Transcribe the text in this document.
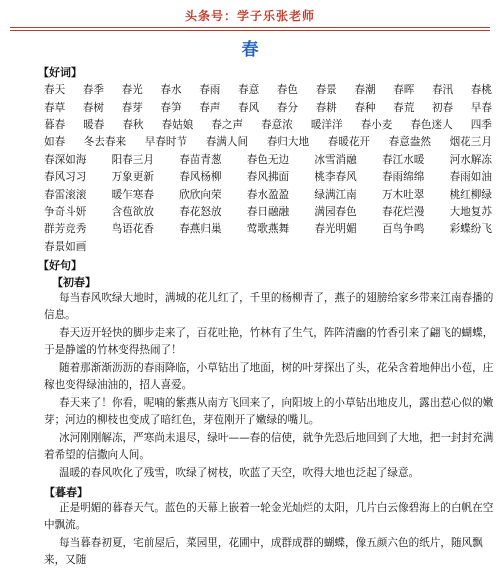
头条号：学子乐张老师
春
【好词】
春天 春季 春光 春水 春雨 春意 春色 春景 春潮 春晖 春汛 春桃
春草 春树 春芽 春笋 春声 春风 春分 春耕 春种 春荒 初春 早春
暮春 暖春 春秋 春姑娘 春之声 春意浓 暖洋洋 春小麦 春色迷人 四季
如春 冬去春来 早春时节 春满人间 春归大地 春暖花开 春意盎然 烟花三月
春深如海 阳春三月 春苗青葱 春色无边 冰雪消融 春江水暖 河水解冻
春风习习 万象更新 春风杨柳 春风拂面 桃李春风 春雨绵绵 春雨如油
春雷滚滚 暖乍寒春 欣欣向荣 春水盈盈 绿满江南 万木吐翠 桃红柳绿
争奇斗妍 含苞欲放 春花怒放 春日融融 满园春色 春花烂漫 大地复苏
群芳竞秀 鸟语花香 春燕归巢 莺歌燕舞 春光明媚 百鸟争鸣 彩蝶纷飞
春景如画
【好句】
【初春】
每当春风吹绿大地时，满城的花儿红了，千里的杨柳青了，燕子的翅膀给家乡带来江南春播的信息。
春天迈开轻快的脚步走来了，百花吐艳，竹林有了生气，阵阵清幽的竹香引来了翩飞的蝴蝶，于是静谧的竹林变得热闹了！
随着那渐渐沥沥的春雨降临，小草钻出了地面，树的叶芽探出了头，花朵含着地伸出小苞，庄稼也变得绿油油的，招人喜爱。
春天来了！你看，呢喃的紫燕从南方飞回来了，向阳坡上的小草钻出地皮儿，露出惹心似的嫩芽；河边的柳枝也变成了暗红色，芽苞刚开了嫩绿的嘴儿。
冰河刚刚解冻，严寒尚未退尽，绿叶——春的信使，就争先恐后地回到了大地，把一封封充满着希望的信撒向人间。
温暖的春风吹化了残雪，吹绿了树枝，吹蓝了天空，吹得大地也泛起了绿意。
【暮春】
正是明媚的暮春天气。蓝色的天幕上嵌着一轮金光灿烂的太阳，几片白云像碧海上的白帆在空中飘流。
每当暮春初夏，宅前屋后，菜园里，花圃中，成群成群的蝴蝶，像五颜六色的纸片，随风飘来，又随
